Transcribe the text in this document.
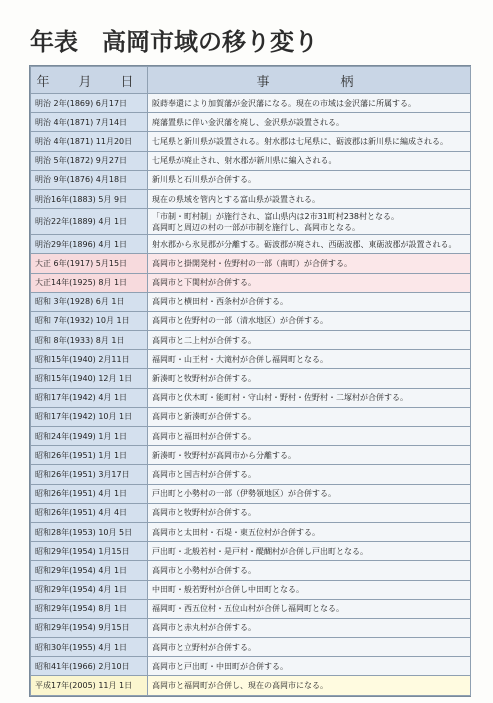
年表　高岡市域の移り変り
年　月　日	事　　　柄
明治 2年(1869) 6月17日	阪蒔奉還により加賀藩が金沢藩になる。現在の市域は金沢藩に所属する。

明治 4年(1871) 7月14日	廃藩置県に伴い金沢藩を廃し、金沢県が設置される。

明治 4年(1871) 11月20日	七尾県と新川県が設置される。射水郡は七尾県に、砺波郡は新川県に編成される。

明治 5年(1872) 9月27日	七尾県が廃止され、射水郡が新川県に編入される。

明治 9年(1876) 4月18日	新川県と石川県が合併する。

明治16年(1883) 5月 9日	現在の県域を管内とする富山県が設置される。

明治22年(1889) 4月 1日	「市制・町村制」が施行され、富山県内は2市31町村238村となる。
高岡町と周辺の村の一部が市制を施行し、高岡市となる。

明治29年(1896) 4月 1日	射水郡から氷見郡が分離する。砺波郡が廃され、西砺波郡、東砺波郡が設置される。

大正 6年(1917) 5月15日	高岡市と掛開発村・佐野村の一部（南町）が合併する。

大正14年(1925) 8月 1日	高岡市と下関村が合併する。

昭和 3年(1928) 6月 1日	高岡市と横田村・西条村が合併する。

昭和 7年(1932) 10月 1日	高岡市と佐野村の一部（清水地区）が合併する。

昭和 8年(1933) 8月 1日	高岡市と二上村が合併する。

昭和15年(1940) 2月11日	福岡町・山王村・大滝村が合併し福岡町となる。

昭和15年(1940) 12月 1日	新湊町と牧野村が合併する。

昭和17年(1942) 4月 1日	高岡市と伏木町・能町村・守山村・野村・佐野村・二塚村が合併する。

昭和17年(1942) 10月 1日	高岡市と新湊町が合併する。

昭和24年(1949) 1月 1日	高岡市と福田村が合併する。

昭和26年(1951) 1月 1日	新湊町・牧野村が高岡市から分離する。

昭和26年(1951) 3月17日	高岡市と国吉村が合併する。

昭和26年(1951) 4月 1日	戸出町と小勢村の一部（伊勢領地区）が合併する。

昭和26年(1951) 4月 4日	高岡市と牧野村が合併する。

昭和28年(1953) 10月 5日	高岡市と太田村・石堤・東五位村が合併する。

昭和29年(1954) 1月15日	戸出町・北般若村・是戸村・醍醐村が合併し戸出町となる。

昭和29年(1954) 4月 1日	高岡市と小勢村が合併する。

昭和29年(1954) 4月 1日	中田町・般若野村が合併し中田町となる。

昭和29年(1954) 8月 1日	福岡町・西五位村・五位山村が合併し福岡町となる。

昭和29年(1954) 9月15日	高岡市と赤丸村が合併する。

昭和30年(1955) 4月 1日	高岡市と立野村が合併する。

昭和41年(1966) 2月10日	高岡市と戸出町・中田町が合併する。

平成17年(2005) 11月 1日	高岡市と福岡町が合併し、現在の高岡市になる。
